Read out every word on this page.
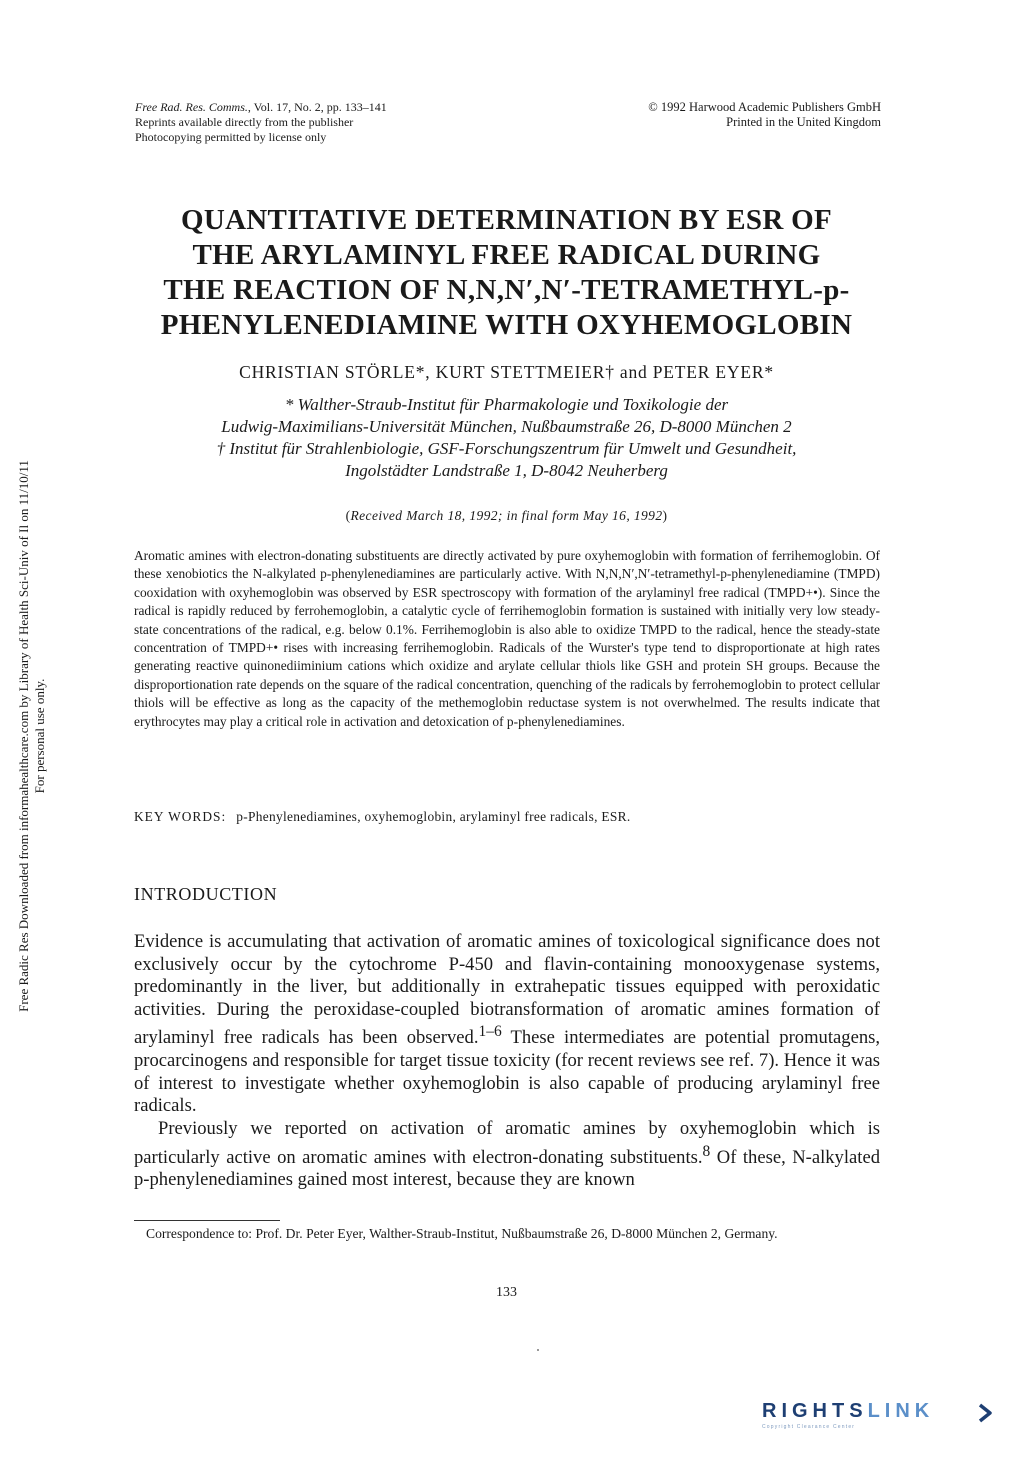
Free Rad. Res. Comms., Vol. 17, No. 2, pp. 133–141
Reprints available directly from the publisher
Photocopying permitted by license only
© 1992 Harwood Academic Publishers GmbH
Printed in the United Kingdom
QUANTITATIVE DETERMINATION BY ESR OF
THE ARYLAMINYL FREE RADICAL DURING
THE REACTION OF N,N,N′,N′-TETRAMETHYL-p-
PHENYLENEDIAMINE WITH OXYHEMOGLOBIN
CHRISTIAN STÖRLE*, KURT STETTMEIER† and PETER EYER*
* Walther-Straub-Institut für Pharmakologie und Toxikologie der
Ludwig-Maximilians-Universität München, Nußbaumstraße 26, D-8000 München 2
† Institut für Strahlenbiologie, GSF-Forschungszentrum für Umwelt und Gesundheit,
Ingolstädter Landstraße 1, D-8042 Neuherberg
(Received March 18, 1992; in final form May 16, 1992)
Aromatic amines with electron-donating substituents are directly activated by pure oxyhemoglobin with formation of ferrihemoglobin. Of these xenobiotics the N-alkylated p-phenylenediamines are particularly active. With N,N,N′,N′-tetramethyl-p-phenylenediamine (TMPD) cooxidation with oxyhemoglobin was observed by ESR spectroscopy with formation of the arylaminyl free radical (TMPD+•). Since the radical is rapidly reduced by ferrohemoglobin, a catalytic cycle of ferrihemoglobin formation is sustained with initially very low steady-state concentrations of the radical, e.g. below 0.1%. Ferrihemoglobin is also able to oxidize TMPD to the radical, hence the steady-state concentration of TMPD+• rises with increasing ferrihemoglobin. Radicals of the Wurster's type tend to disproportionate at high rates generating reactive quinonediiminium cations which oxidize and arylate cellular thiols like GSH and protein SH groups. Because the disproportionation rate depends on the square of the radical concentration, quenching of the radicals by ferrohemoglobin to protect cellular thiols will be effective as long as the capacity of the methemoglobin reductase system is not overwhelmed. The results indicate that erythrocytes may play a critical role in activation and detoxication of p-phenylenediamines.
KEY WORDS: p-Phenylenediamines, oxyhemoglobin, arylaminyl free radicals, ESR.
INTRODUCTION

Evidence is accumulating that activation of aromatic amines of toxicological significance does not exclusively occur by the cytochrome P-450 and flavin-containing monooxygenase systems, predominantly in the liver, but additionally in extrahepatic tissues equipped with peroxidatic activities. During the peroxidase-coupled biotransformation of aromatic amines formation of arylaminyl free radicals has been observed.$^{1-6}$ These intermediates are potential promutagens, procarcinogens and responsible for target tissue toxicity (for recent reviews see ref. 7). Hence it was of interest to investigate whether oxyhemoglobin is also capable of producing arylaminyl free radicals.

Previously we reported on activation of aromatic amines by oxyhemoglobin which is particularly active on aromatic amines with electron-donating substituents.$^8$ Of these, N-alkylated p-phenylenediamines gained most interest, because they are known

Correspondence to: Prof. Dr. Peter Eyer, Walther-Straub-Institut, Nußbaumstraße 26, D-8000 München 2, Germany.
133
Free Radic Res Downloaded from informahealthcare.com by Library of Health Sci-Univ of Il on 11/10/11 For personal use only.
RIGHTSLINK
Copyright Clearance Center
